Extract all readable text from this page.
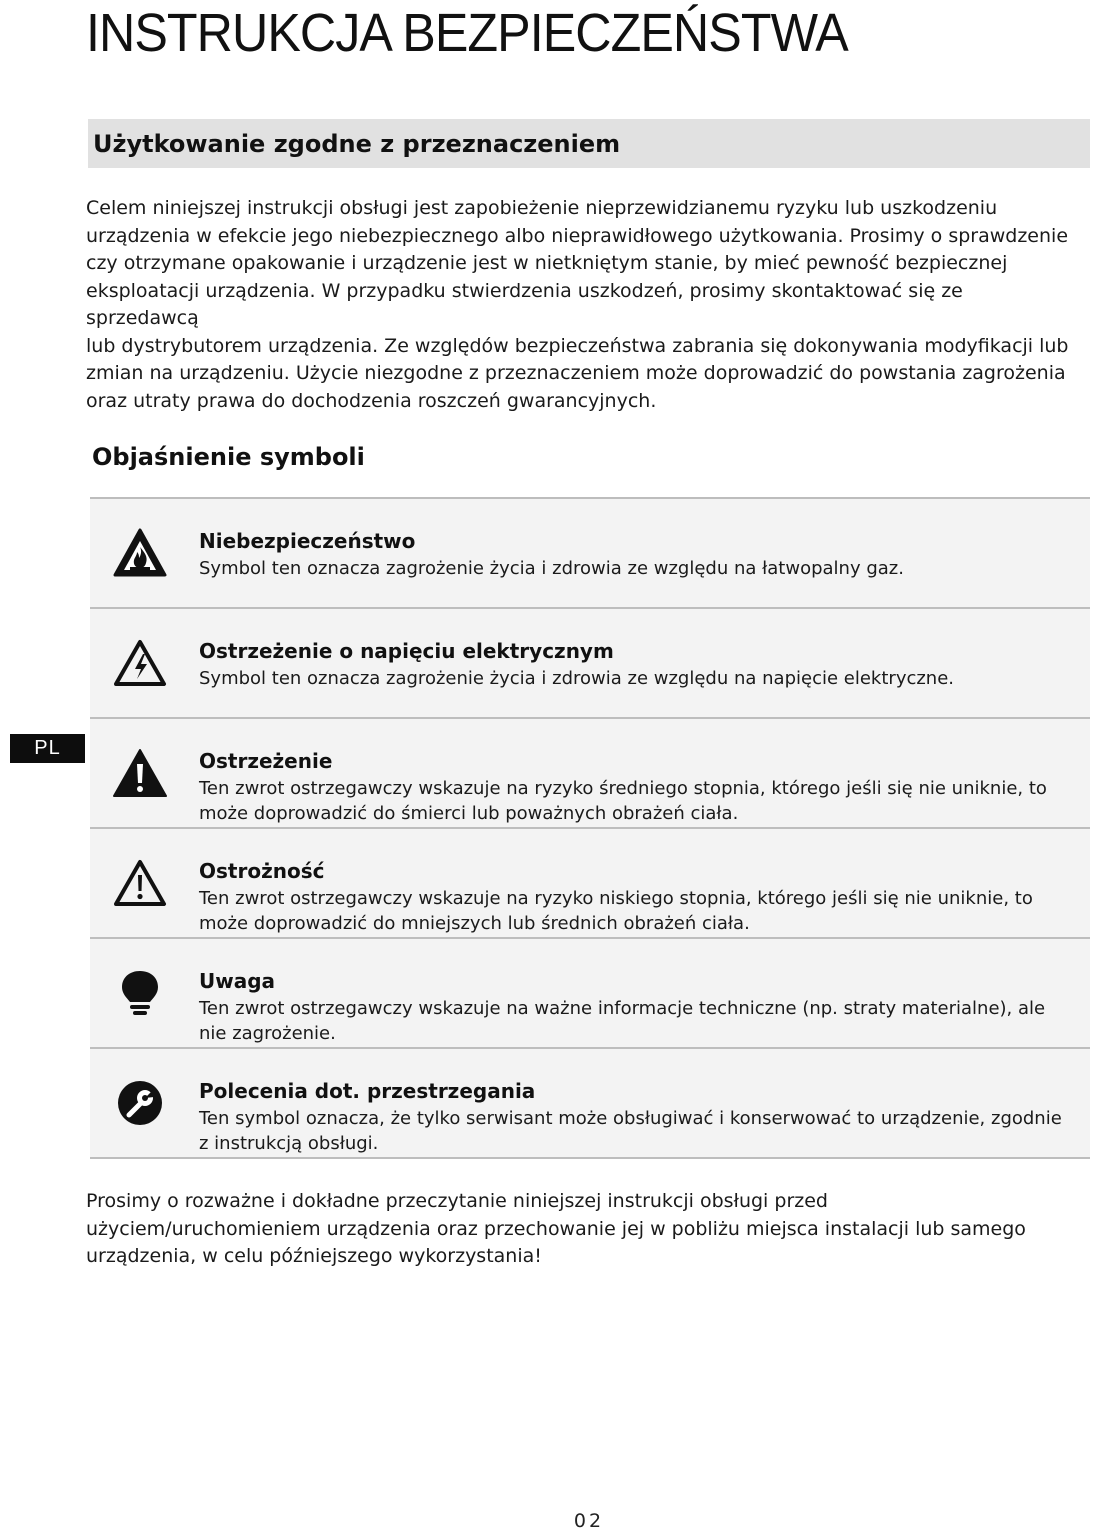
INSTRUKCJA BEZPIECZEŃSTWA
Użytkowanie zgodne z przeznaczeniem

Celem niniejszej instrukcji obsługi jest zapobieżenie nieprzewidzianemu ryzyku lub uszkodzeniu
urządzenia w efekcie jego niebezpiecznego albo nieprawidłowego użytkowania. Prosimy o sprawdzenie
czy otrzymane opakowanie i urządzenie jest w nietkniętym stanie, by mieć pewność bezpiecznej
eksploatacji urządzenia. W przypadku stwierdzenia uszkodzeń, prosimy skontaktować się ze sprzedawcą
lub dystrybutorem urządzenia. Ze względów bezpieczeństwa zabrania się dokonywania modyfikacji lub
zmian na urządzeniu. Użycie niezgodne z przeznaczeniem może doprowadzić do powstania zagrożenia
oraz utraty prawa do dochodzenia roszczeń gwarancyjnych.

Objaśnienie symboli
Niebezpieczeństwo
Symbol ten oznacza zagrożenie życia i zdrowia ze względu na łatwopalny gaz.
Ostrzeżenie o napięciu elektrycznym
Symbol ten oznacza zagrożenie życia i zdrowia ze względu na napięcie elektryczne.
Ostrzeżenie
Ten zwrot ostrzegawczy wskazuje na ryzyko średniego stopnia, którego jeśli się nie uniknie, to może doprowadzić do śmierci lub poważnych obrażeń ciała.
Ostrożność
Ten zwrot ostrzegawczy wskazuje na ryzyko niskiego stopnia, którego jeśli się nie uniknie, to może doprowadzić do mniejszych lub średnich obrażeń ciała.
Uwaga
Ten zwrot ostrzegawczy wskazuje na ważne informacje techniczne (np. straty materialne), ale nie zagrożenie.
Polecenia dot. przestrzegania
Ten symbol oznacza, że tylko serwisant może obsługiwać i konserwować to urządzenie, zgodnie z instrukcją obsługi.
PL

Prosimy o rozważne i dokładne przeczytanie niniejszej instrukcji obsługi przed
użyciem/uruchomieniem urządzenia oraz przechowanie jej w pobliżu miejsca instalacji lub samego
urządzenia, w celu późniejszego wykorzystania!

02
